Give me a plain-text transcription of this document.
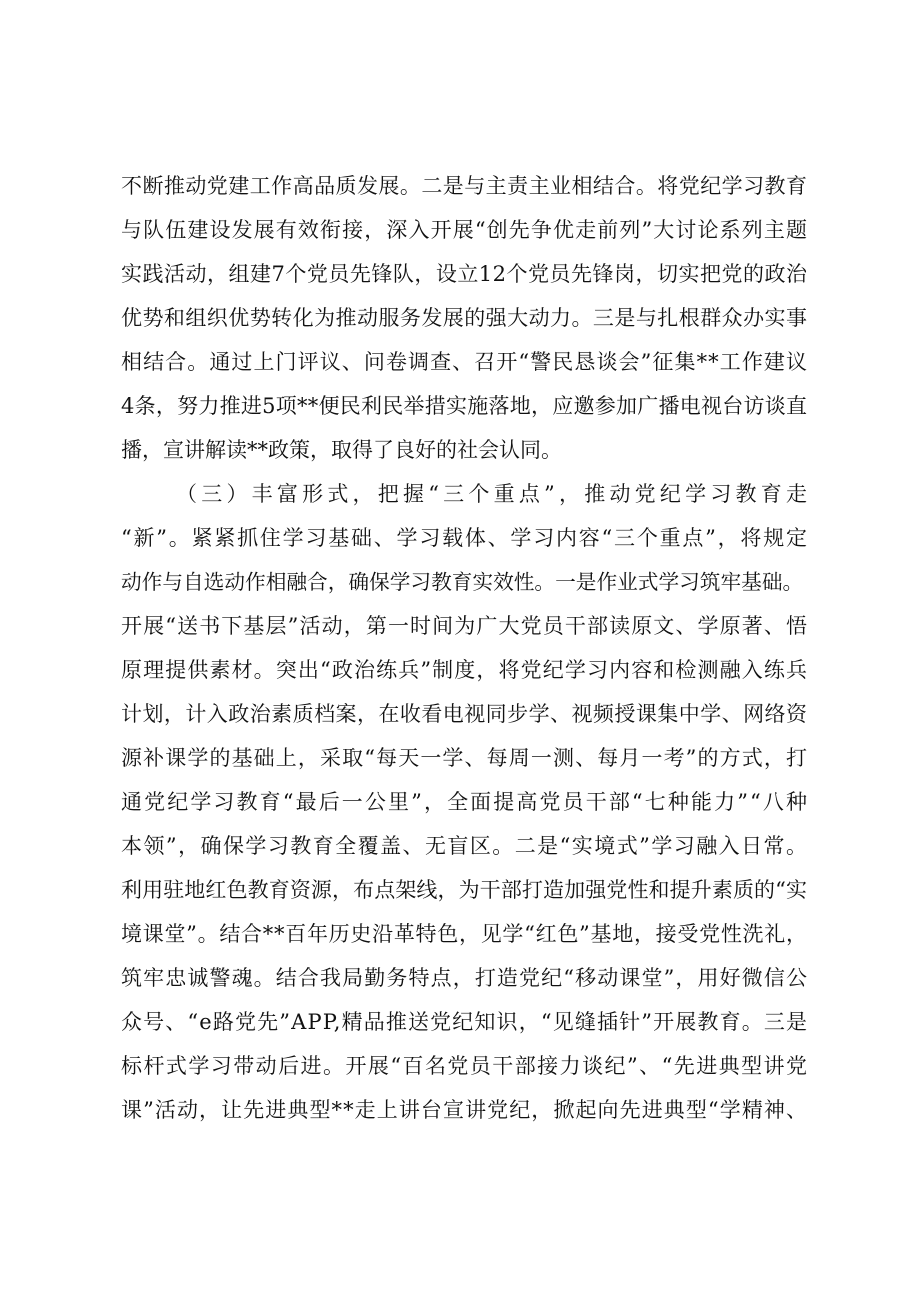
不断推动党建工作高品质发展。二是与主责主业相结合。将党纪学习教育
与队伍建设发展有效衔接，深入开展“创先争优走前列”大讨论系列主题
实践活动，组建7个党员先锋队，设立12个党员先锋岗，切实把党的政治
优势和组织优势转化为推动服务发展的强大动力。三是与扎根群众办实事
相结合。通过上门评议、问卷调查、召开“警民恳谈会”征集**工作建议
4条，努力推进5项**便民利民举措实施落地，应邀参加广播电视台访谈直
播，宣讲解读**政策，取得了良好的社会认同。
（三）丰富形式，把握“三个重点”，推动党纪学习教育走
“新”。紧紧抓住学习基础、学习载体、学习内容“三个重点”，将规定
动作与自选动作相融合，确保学习教育实效性。一是作业式学习筑牢基础。
开展“送书下基层”活动，第一时间为广大党员干部读原文、学原著、悟
原理提供素材。突出“政治练兵”制度，将党纪学习内容和检测融入练兵
计划，计入政治素质档案，在收看电视同步学、视频授课集中学、网络资
源补课学的基础上，采取“每天一学、每周一测、每月一考”的方式，打
通党纪学习教育“最后一公里”，全面提高党员干部“七种能力”“八种
本领”，确保学习教育全覆盖、无盲区。二是“实境式”学习融入日常。
利用驻地红色教育资源，布点架线，为干部打造加强党性和提升素质的“实
境课堂”。结合**百年历史沿革特色，见学“红色”基地，接受党性洗礼，
筑牢忠诚警魂。结合我局勤务特点，打造党纪“移动课堂”，用好微信公
众号、“e路党先”APP,精品推送党纪知识，“见缝插针”开展教育。三是
标杆式学习带动后进。开展“百名党员干部接力谈纪”、“先进典型讲党
课”活动，让先进典型**走上讲台宣讲党纪，掀起向先进典型“学精神、
